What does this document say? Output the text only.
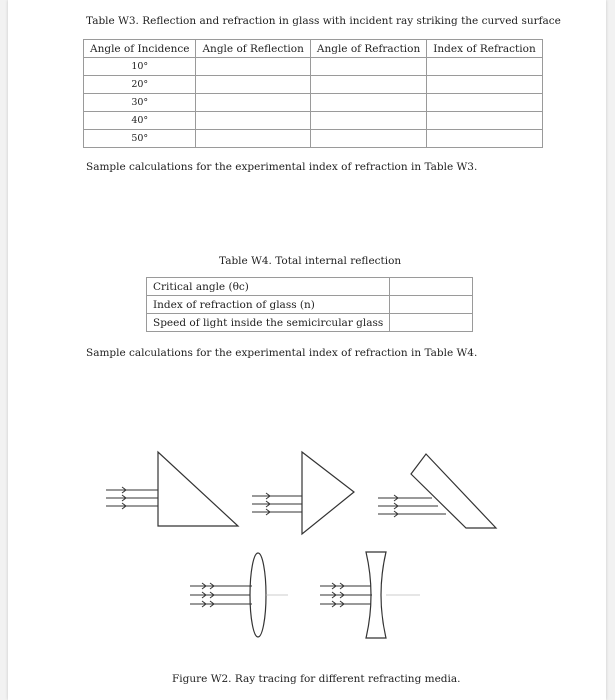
Table W3. Reflection and refraction in glass with incident ray striking the curved surface
Angle of Incidence	Angle of Reflection	Angle of Refraction	Index of Refraction
10°			
20°			
30°			
40°			
50°			
Sample calculations for the experimental index of refraction in Table W3.
Table W4. Total internal reflection
Critical angle (θc)	
Index of refraction of glass (n)	
Speed of light inside the semicircular glass	
Sample calculations for the experimental index of refraction in Table W4.
Figure W2. Ray tracing for different refracting media.
